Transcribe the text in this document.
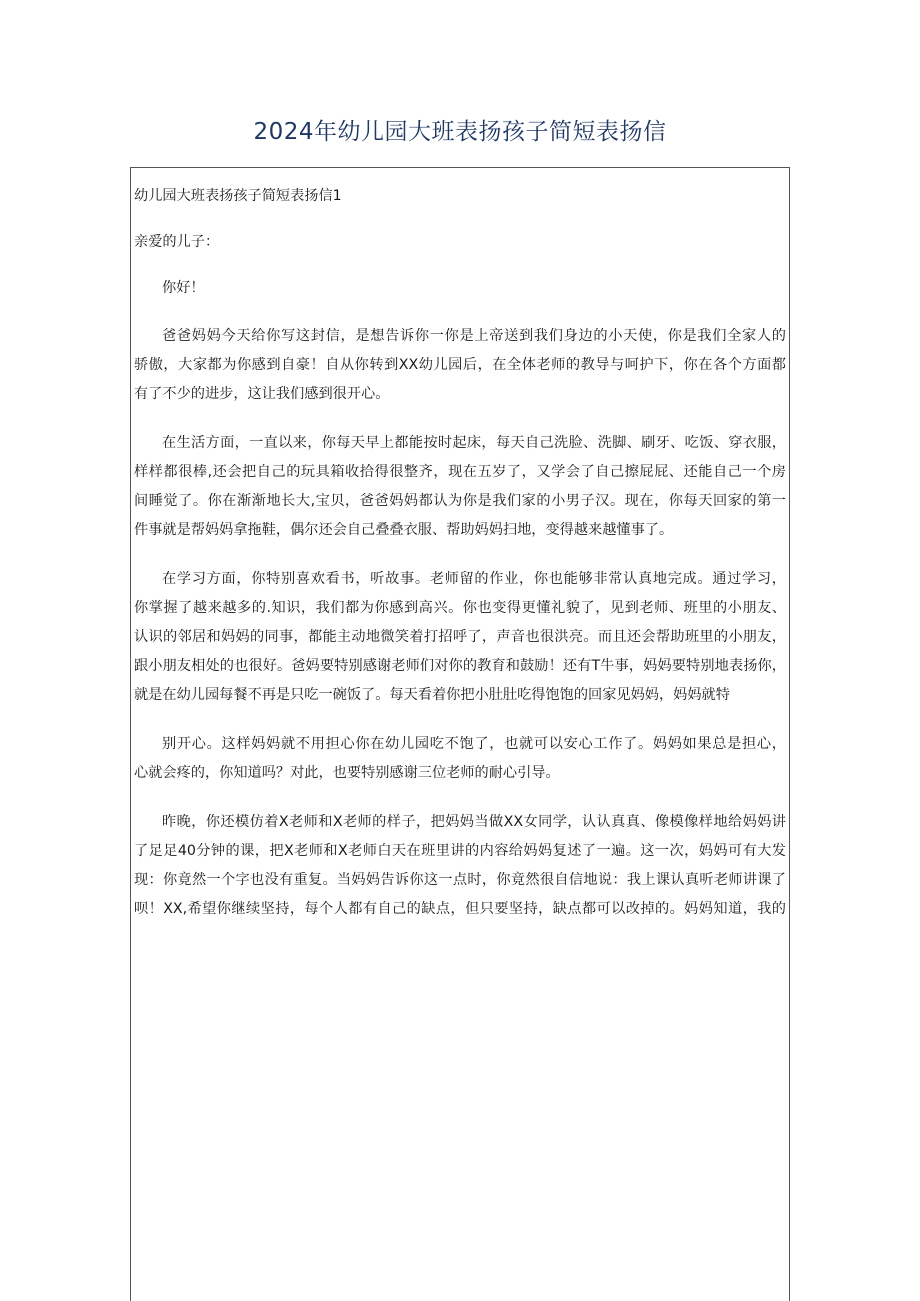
2024年幼儿园大班表扬孩子简短表扬信
幼儿园大班表扬孩子简短表扬信1
亲爱的儿子：
你好！
爸爸妈妈今天给你写这封信，是想告诉你一你是上帝送到我们身边的小天使，你是我们全家人的
骄傲，大家都为你感到自豪！自从你转到XX幼儿园后，在全体老师的教导与呵护下，你在各个方面都
有了不少的进步，这让我们感到很开心。
在生活方面，一直以来，你每天早上都能按时起床，每天自己洗脸、洗脚、刷牙、吃饭、穿衣服，
样样都很棒,还会把自己的玩具箱收拾得很整齐，现在五岁了，又学会了自己擦屁屁、还能自己一个房
间睡觉了。你在渐渐地长大,宝贝，爸爸妈妈都认为你是我们家的小男子汉。现在，你每天回家的第一
件事就是帮妈妈拿拖鞋，偶尔还会自己叠叠衣服、帮助妈妈扫地，变得越来越懂事了。
在学习方面，你特别喜欢看书，听故事。老师留的作业，你也能够非常认真地完成。通过学习，
你掌握了越来越多的.知识，我们都为你感到高兴。你也变得更懂礼貌了，见到老师、班里的小朋友、
认识的邻居和妈妈的同事，都能主动地微笑着打招呼了，声音也很洪亮。而且还会帮助班里的小朋友，
跟小朋友相处的也很好。爸妈要特别感谢老师们对你的教育和鼓励！还有T牛事，妈妈要特别地表扬你，
就是在幼儿园每餐不再是只吃一碗饭了。每天看着你把小肚肚吃得饱饱的回家见妈妈，妈妈就特
别开心。这样妈妈就不用担心你在幼儿园吃不饱了，也就可以安心工作了。妈妈如果总是担心，
心就会疼的，你知道吗？对此，也要特别感谢三位老师的耐心引导。
昨晚，你还模仿着X老师和X老师的样子，把妈妈当做XX女同学，认认真真、像模像样地给妈妈讲
了足足40分钟的课，把X老师和X老师白天在班里讲的内容给妈妈复述了一遍。这一次，妈妈可有大发
现：你竟然一个字也没有重复。当妈妈告诉你这一点时，你竟然很自信地说：我上课认真听老师讲课了
呗！XX,希望你继续坚持，每个人都有自己的缺点，但只要坚持，缺点都可以改掉的。妈妈知道，我的
